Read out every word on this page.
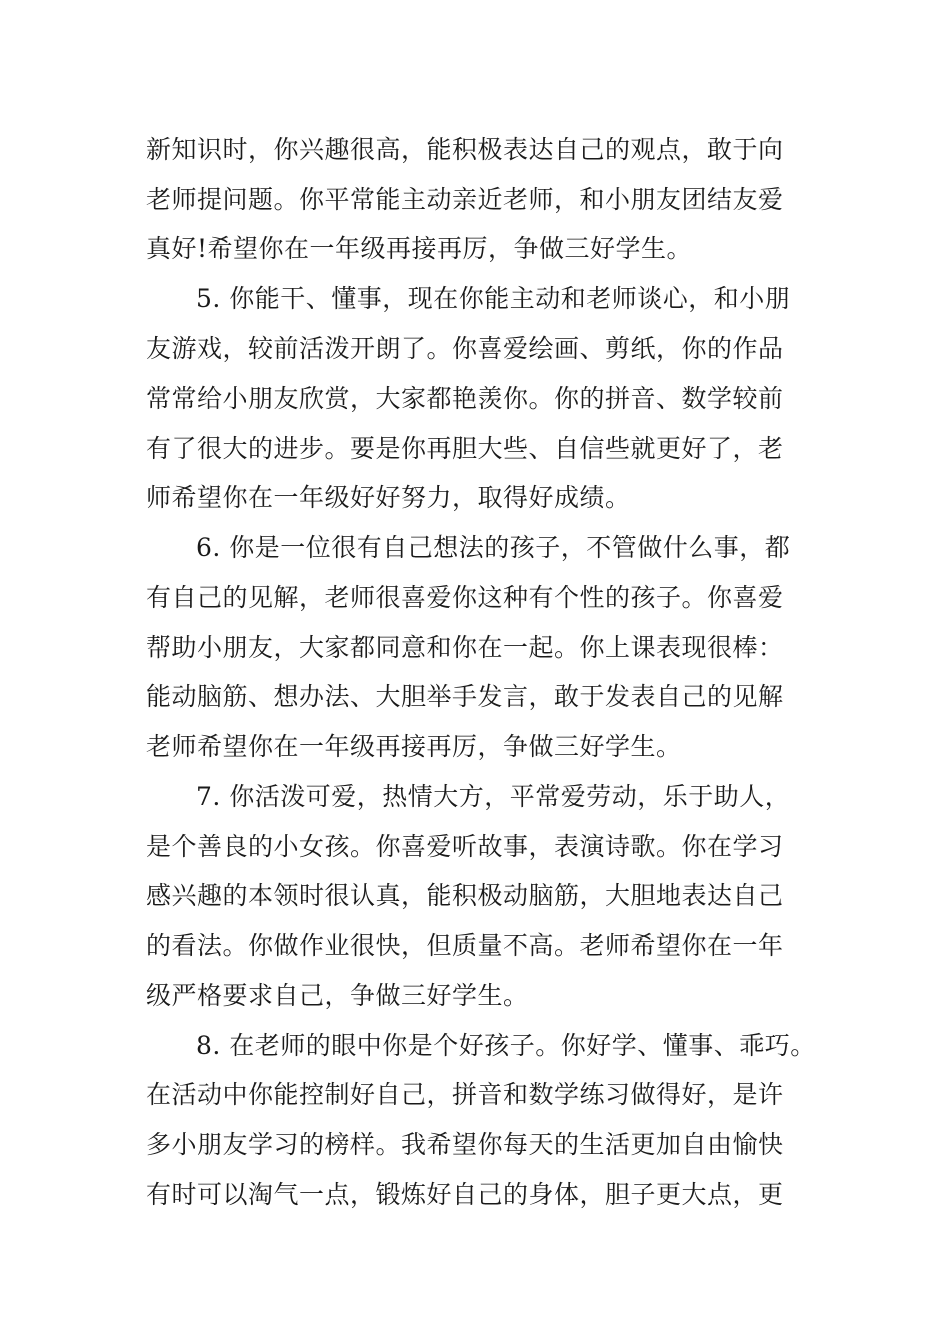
新知识时，你兴趣很高，能积极表达自己的观点，敢于向
老师提问题。你平常能主动亲近老师，和小朋友团结友爱
真好!希望你在一年级再接再厉，争做三好学生。
5. 你能干、懂事，现在你能主动和老师谈心，和小朋
友游戏，较前活泼开朗了。你喜爱绘画、剪纸，你的作品
常常给小朋友欣赏，大家都艳羡你。你的拼音、数学较前
有了很大的进步。要是你再胆大些、自信些就更好了，老
师希望你在一年级好好努力，取得好成绩。
6. 你是一位很有自己想法的孩子，不管做什么事，都
有自己的见解，老师很喜爱你这种有个性的孩子。你喜爱
帮助小朋友，大家都同意和你在一起。你上课表现很棒：
能动脑筋、想办法、大胆举手发言，敢于发表自己的见解
老师希望你在一年级再接再厉，争做三好学生。
7. 你活泼可爱，热情大方，平常爱劳动，乐于助人，
是个善良的小女孩。你喜爱听故事，表演诗歌。你在学习
感兴趣的本领时很认真，能积极动脑筋，大胆地表达自己
的看法。你做作业很快，但质量不高。老师希望你在一年
级严格要求自己，争做三好学生。
8. 在老师的眼中你是个好孩子。你好学、懂事、乖巧。
在活动中你能控制好自己，拼音和数学练习做得好，是许
多小朋友学习的榜样。我希望你每天的生活更加自由愉快
有时可以淘气一点，锻炼好自己的身体，胆子更大点，更
